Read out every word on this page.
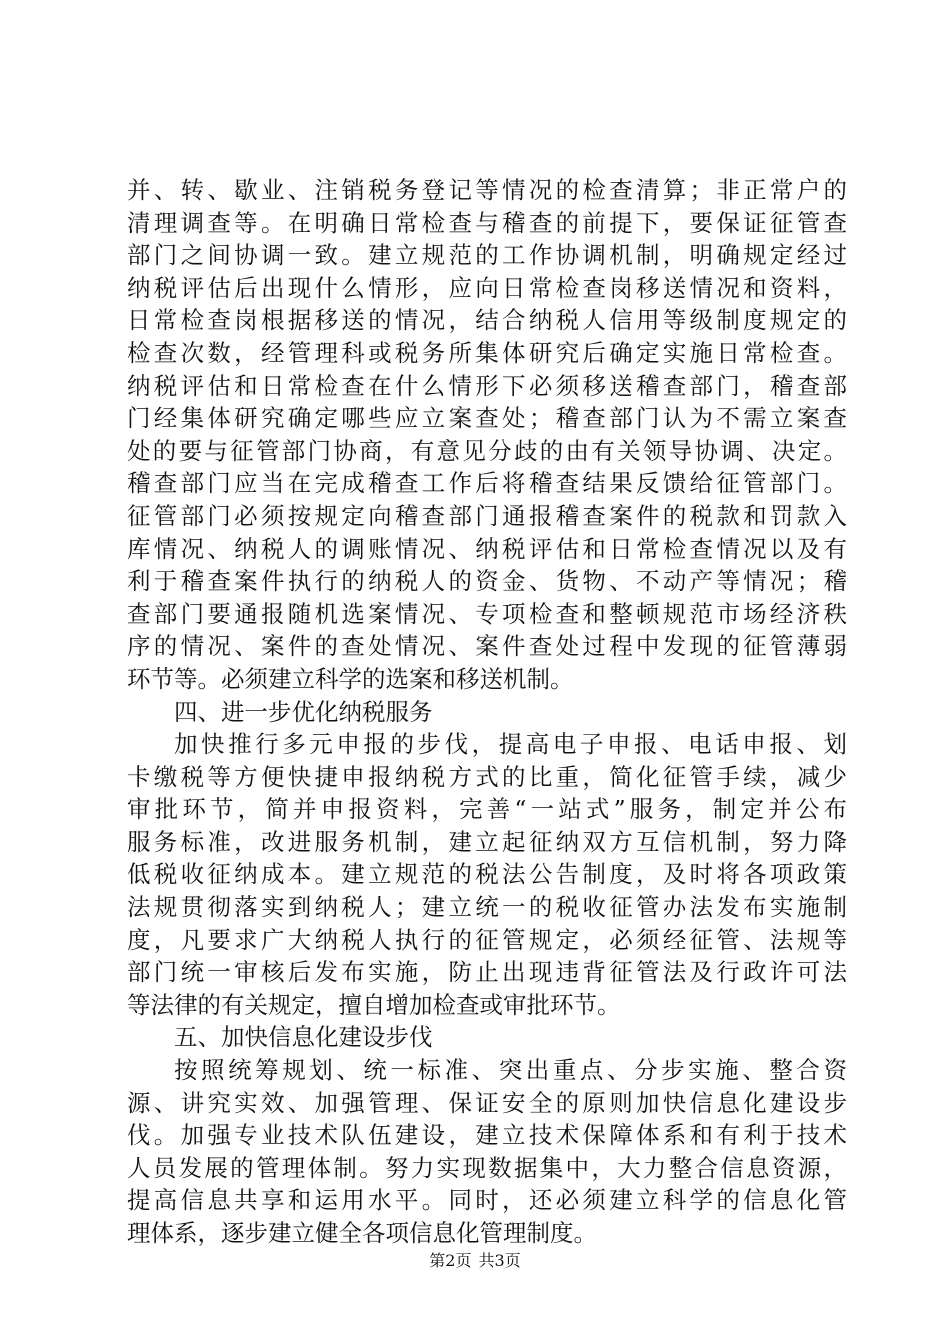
并、转、歇业、注销税务登记等情况的检查清算；非正常户的
清理调查等。在明确日常检查与稽查的前提下，要保证征管查
部门之间协调一致。建立规范的工作协调机制，明确规定经过
纳税评估后出现什么情形，应向日常检查岗移送情况和资料，
日常检查岗根据移送的情况，结合纳税人信用等级制度规定的
检查次数，经管理科或税务所集体研究后确定实施日常检查。
纳税评估和日常检查在什么情形下必须移送稽查部门，稽查部
门经集体研究确定哪些应立案查处；稽查部门认为不需立案查
处的要与征管部门协商，有意见分歧的由有关领导协调、决定。
稽查部门应当在完成稽查工作后将稽查结果反馈给征管部门。
征管部门必须按规定向稽查部门通报稽查案件的税款和罚款入
库情况、纳税人的调账情况、纳税评估和日常检查情况以及有
利于稽查案件执行的纳税人的资金、货物、不动产等情况；稽
查部门要通报随机选案情况、专项检查和整顿规范市场经济秩
序的情况、案件的查处情况、案件查处过程中发现的征管薄弱
环节等。必须建立科学的选案和移送机制。
四、进一步优化纳税服务
加快推行多元申报的步伐，提高电子申报、电话申报、划
卡缴税等方便快捷申报纳税方式的比重，简化征管手续，减少
审批环节，简并申报资料，完善“一站式”服务，制定并公布
服务标准，改进服务机制，建立起征纳双方互信机制，努力降
低税收征纳成本。建立规范的税法公告制度，及时将各项政策
法规贯彻落实到纳税人；建立统一的税收征管办法发布实施制
度，凡要求广大纳税人执行的征管规定，必须经征管、法规等
部门统一审核后发布实施，防止出现违背征管法及行政许可法
等法律的有关规定，擅自增加检查或审批环节。
五、加快信息化建设步伐
按照统筹规划、统一标准、突出重点、分步实施、整合资
源、讲究实效、加强管理、保证安全的原则加快信息化建设步
伐。加强专业技术队伍建设，建立技术保障体系和有利于技术
人员发展的管理体制。努力实现数据集中，大力整合信息资源，
提高信息共享和运用水平。同时，还必须建立科学的信息化管
理体系，逐步建立健全各项信息化管理制度。
第2页 共3页
